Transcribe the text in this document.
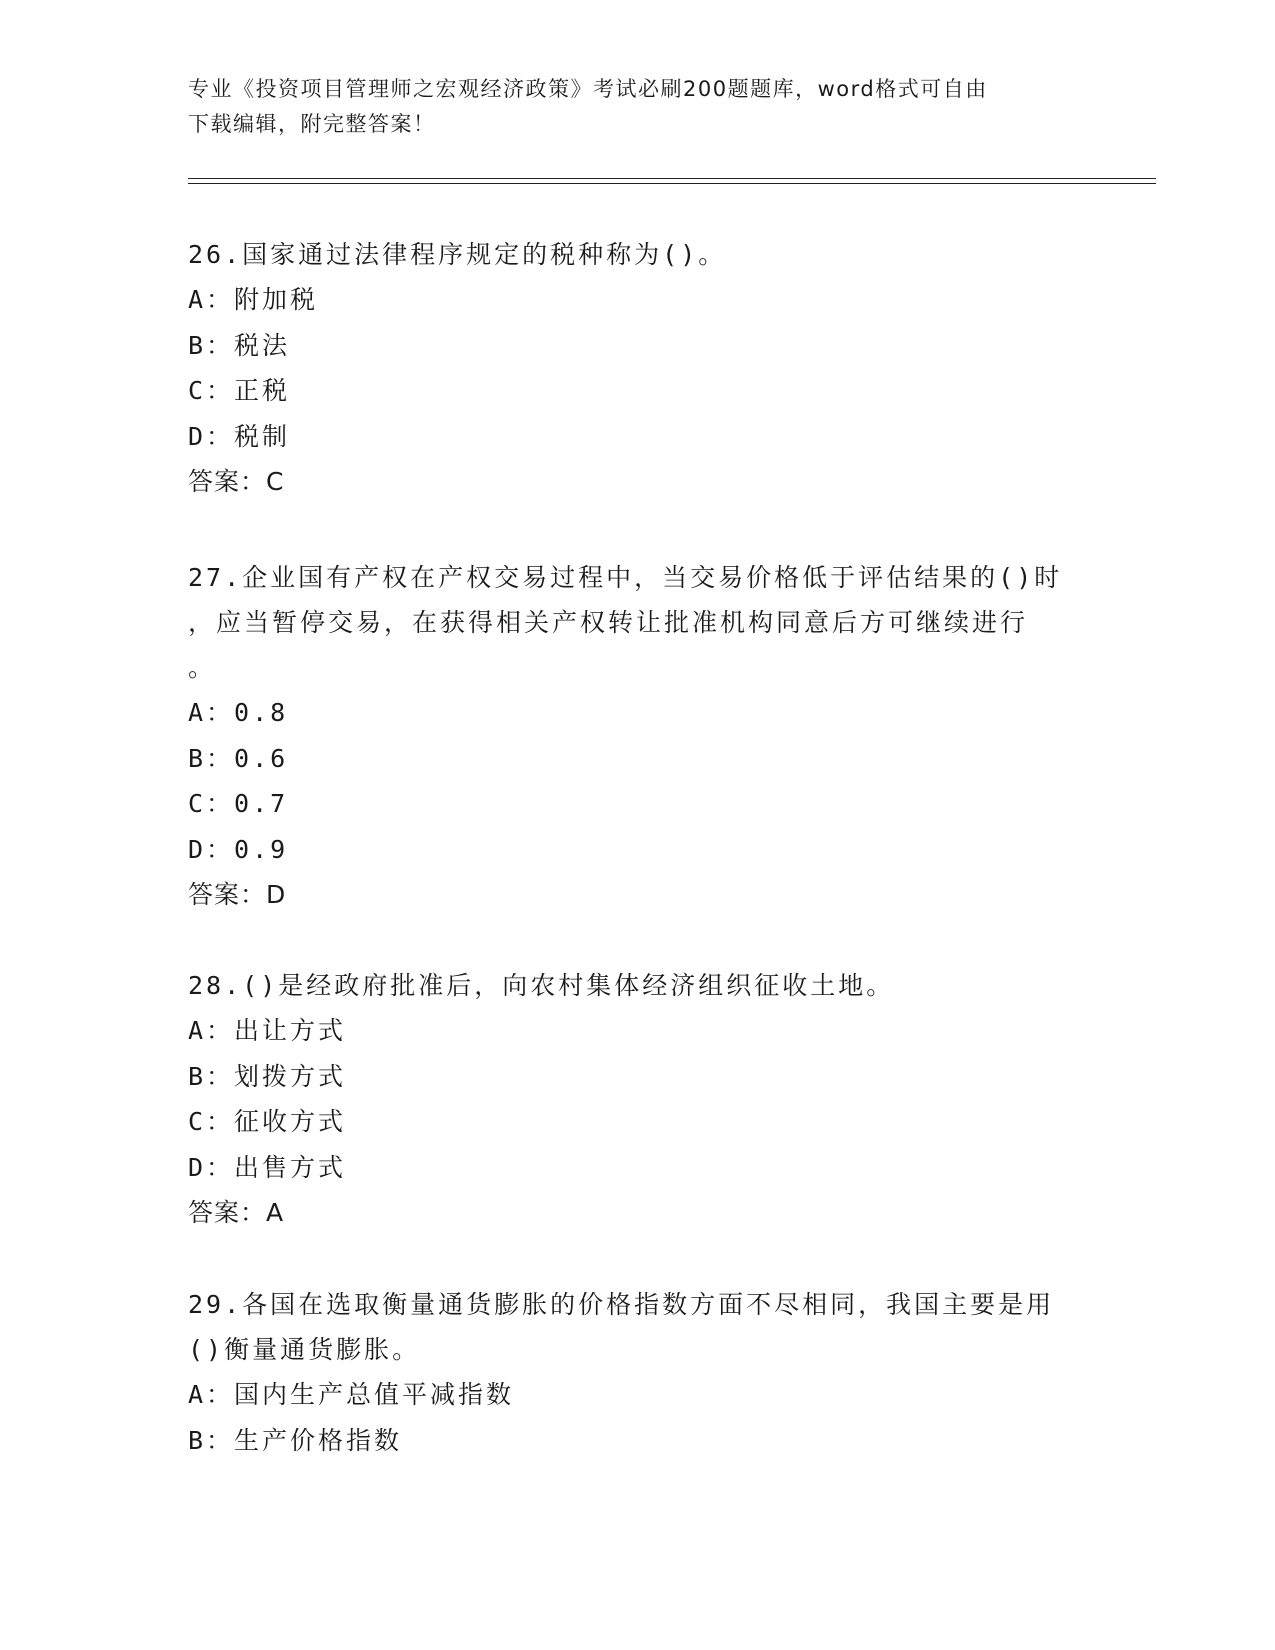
专业《投资项目管理师之宏观经济政策》考试必刷200题题库，word格式可自由
下载编辑，附完整答案！

26.国家通过法律程序规定的税种称为()。

A：附加税

B：税法

C：正税

D：税制

答案：C

27.企业国有产权在产权交易过程中，当交易价格低于评估结果的()时

，应当暂停交易，在获得相关产权转让批准机构同意后方可继续进行

。

A：0.8

B：0.6

C：0.7

D：0.9

答案：D

28.()是经政府批准后，向农村集体经济组织征收土地。

A：出让方式

B：划拨方式

C：征收方式

D：出售方式

答案：A

29.各国在选取衡量通货膨胀的价格指数方面不尽相同，我国主要是用

()衡量通货膨胀。

A：国内生产总值平减指数

B：生产价格指数
